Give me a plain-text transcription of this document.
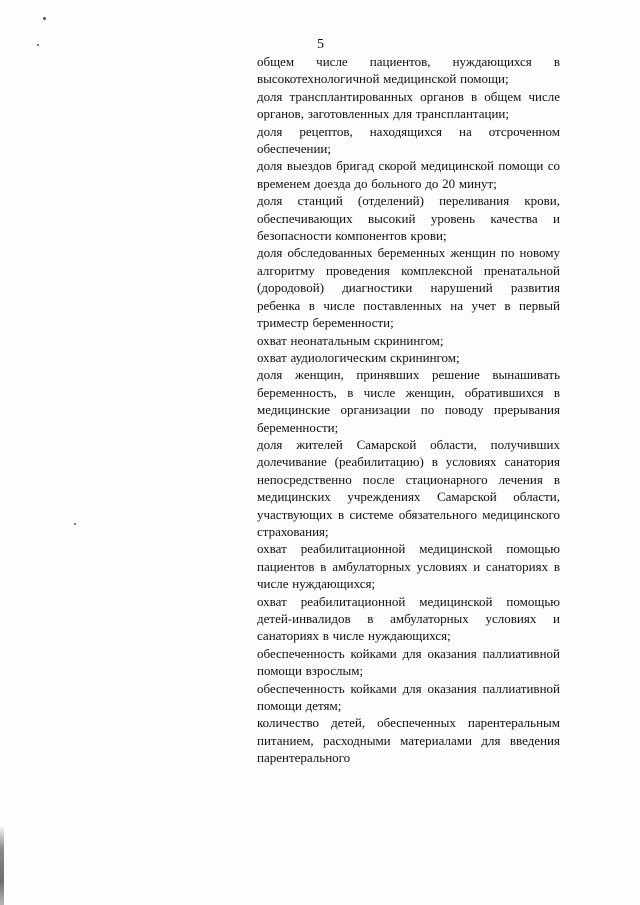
5

общем числе пациентов, нуждающихся в высокотехнологичной медицинской помощи;

доля трансплантированных органов в общем числе органов, заготовленных для трансплантации;

доля рецептов, находящихся на отсроченном обеспечении;

доля выездов бригад скорой медицинской помощи со временем доезда до больного до 20 минут;

доля станций (отделений) переливания крови, обеспечивающих высокий уровень качества и безопасности компонентов крови;

доля обследованных беременных женщин по новому алгоритму проведения комплексной пренатальной (дородовой) диагностики нарушений развития ребенка в числе поставленных на учет в первый триместр беременности;

охват неонатальным скринингом;

охват аудиологическим скринингом;

доля женщин, принявших решение вынашивать беременность, в числе женщин, обратившихся в медицинские организации по поводу прерывания беременности;

доля жителей Самарской области, получивших долечивание (реабилитацию) в условиях санатория непосредственно после стационарного лечения в медицинских учреждениях Самарской области, участвующих в системе обязательного медицинского страхования;

охват реабилитационной медицинской помощью пациентов в амбулаторных условиях и санаториях в числе нуждающихся;

охват реабилитационной медицинской помощью детей-инвалидов в амбулаторных условиях и санаториях в числе нуждающихся;

обеспеченность койками для оказания паллиативной помощи взрослым;

обеспеченность койками для оказания паллиативной помощи детям;

количество детей, обеспеченных парентеральным питанием, расходными материалами для введения парентерального
